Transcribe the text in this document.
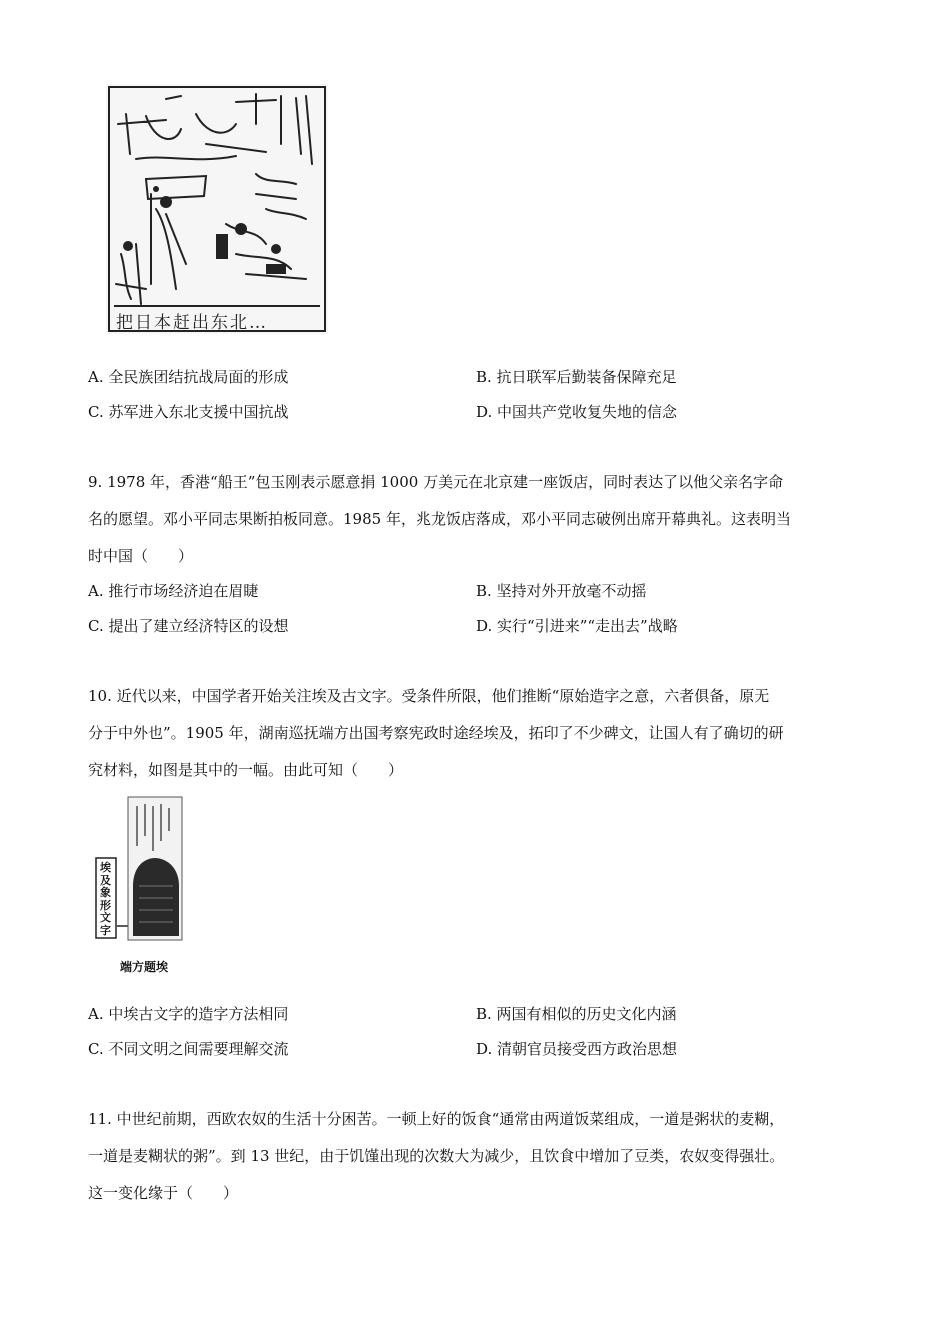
把日本赶出东北…
A. 全民族团结抗战局面的形成	B. 抗日联军后勤装备保障充足
C. 苏军进入东北支援中国抗战	D. 中国共产党收复失地的信念
9. 1978 年，香港“船王”包玉刚表示愿意捐 1000 万美元在北京建一座饭店，同时表达了以他父亲名字命
名的愿望。邓小平同志果断拍板同意。1985 年，兆龙饭店落成，邓小平同志破例出席开幕典礼。这表明当
时中国（　　）
A. 推行市场经济迫在眉睫	B. 坚持对外开放毫不动摇
C. 提出了建立经济特区的设想	D. 实行“引进来”“走出去”战略
10. 近代以来，中国学者开始关注埃及古文字。受条件所限，他们推断“原始造字之意，六者俱备，原无
分于中外也”。1905 年，湖南巡抚端方出国考察宪政时途经埃及，拓印了不少碑文，让国人有了确切的研
究材料，如图是其中的一幅。由此可知（　　）
埃及象形文字
端方题埃
A. 中埃古文字的造字方法相同	B. 两国有相似的历史文化内涵
C. 不同文明之间需要理解交流	D. 清朝官员接受西方政治思想
11. 中世纪前期，西欧农奴的生活十分困苦。一顿上好的饭食“通常由两道饭菜组成，一道是粥状的麦糊，
一道是麦糊状的粥”。到 13 世纪，由于饥馑出现的次数大为减少，且饮食中增加了豆类，农奴变得强壮。
这一变化缘于（　　）
